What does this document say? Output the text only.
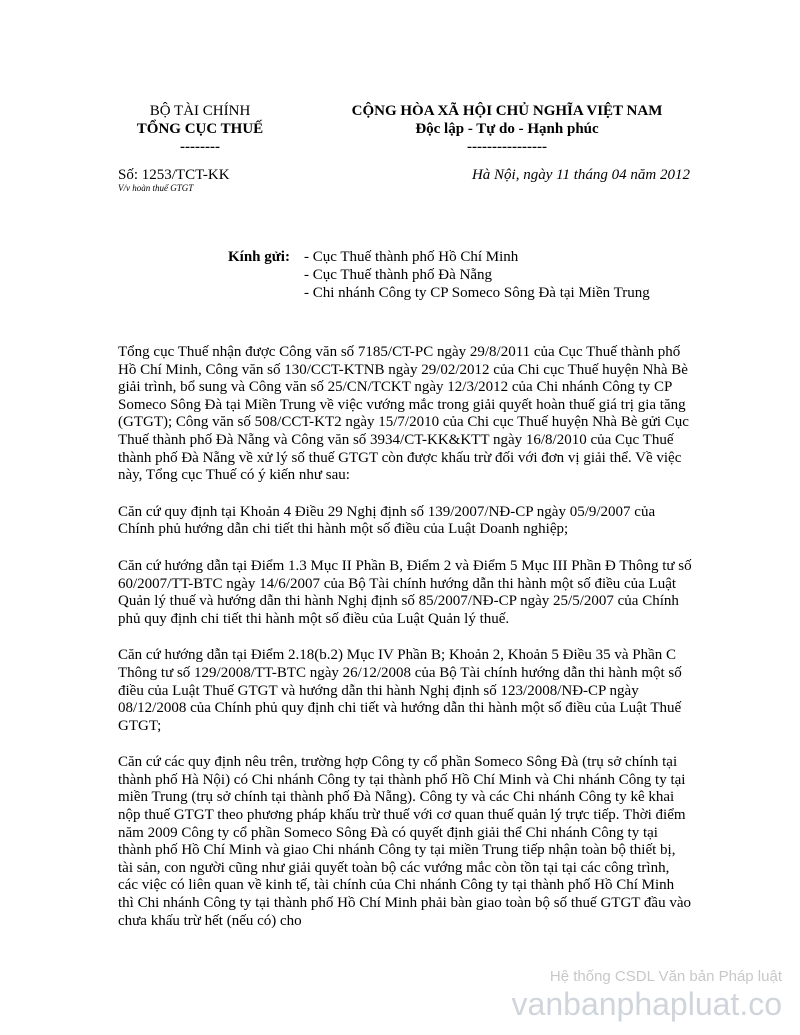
BỘ TÀI CHÍNH
TỔNG CỤC THUẾ
--------
CỘNG HÒA XÃ HỘI CHỦ NGHĨA VIỆT NAM
Độc lập - Tự do - Hạnh phúc
----------------
Số: 1253/TCT-KK
V/v hoàn thuế GTGT
Hà Nội, ngày 11 tháng 04 năm 2012
Kính gửi: - Cục Thuế thành phố Hồ Chí Minh
- Cục Thuế thành phố Đà Nẵng
- Chi nhánh Công ty CP Someco Sông Đà tại Miền Trung

Tổng cục Thuế nhận được Công văn số 7185/CT-PC ngày 29/8/2011 của Cục Thuế thành phố Hồ Chí Minh, Công văn số 130/CCT-KTNB ngày 29/02/2012 của Chi cục Thuế huyện Nhà Bè giải trình, bổ sung và Công văn số 25/CN/TCKT ngày 12/3/2012 của Chi nhánh Công ty CP Someco Sông Đà tại Miền Trung về việc vướng mắc trong giải quyết hoàn thuế giá trị gia tăng (GTGT); Công văn số 508/CCT-KT2 ngày 15/7/2010 của Chi cục Thuế huyện Nhà Bè gửi Cục Thuế thành phố Đà Nẵng và Công văn số 3934/CT-KK&KTT ngày 16/8/2010 của Cục Thuế thành phố Đà Nẵng về xử lý số thuế GTGT còn được khấu trừ đối với đơn vị giải thể. Về việc này, Tổng cục Thuế có ý kiến như sau:

Căn cứ quy định tại Khoản 4 Điều 29 Nghị định số 139/2007/NĐ-CP ngày 05/9/2007 của Chính phủ hướng dẫn chi tiết thi hành một số điều của Luật Doanh nghiệp;

Căn cứ hướng dẫn tại Điểm 1.3 Mục II Phần B, Điểm 2 và Điểm 5 Mục III Phần Đ Thông tư số 60/2007/TT-BTC ngày 14/6/2007 của Bộ Tài chính hướng dẫn thi hành một số điều của Luật Quản lý thuế và hướng dẫn thi hành Nghị định số 85/2007/NĐ-CP ngày 25/5/2007 của Chính phủ quy định chi tiết thi hành một số điều của Luật Quản lý thuế.

Căn cứ hướng dẫn tại Điểm 2.18(b.2) Mục IV Phần B; Khoản 2, Khoản 5 Điều 35 và Phần C Thông tư số 129/2008/TT-BTC ngày 26/12/2008 của Bộ Tài chính hướng dẫn thi hành một số điều của Luật Thuế GTGT và hướng dẫn thi hành Nghị định số 123/2008/NĐ-CP ngày 08/12/2008 của Chính phủ quy định chi tiết và hướng dẫn thi hành một số điều của Luật Thuế GTGT;

Căn cứ các quy định nêu trên, trường hợp Công ty cổ phần Someco Sông Đà (trụ sở chính tại thành phố Hà Nội) có Chi nhánh Công ty tại thành phố Hồ Chí Minh và Chi nhánh Công ty tại miền Trung (trụ sở chính tại thành phố Đà Nẵng). Công ty và các Chi nhánh Công ty kê khai nộp thuế GTGT theo phương pháp khấu trừ thuế với cơ quan thuế quản lý trực tiếp. Thời điểm năm 2009 Công ty cổ phần Someco Sông Đà có quyết định giải thể Chi nhánh Công ty tại thành phố Hồ Chí Minh và giao Chi nhánh Công ty tại miền Trung tiếp nhận toàn bộ thiết bị, tài sản, con người cũng như giải quyết toàn bộ các vướng mắc còn tồn tại tại các công trình, các việc có liên quan về kinh tế, tài chính của Chi nhánh Công ty tại thành phố Hồ Chí Minh thì Chi nhánh Công ty tại thành phố Hồ Chí Minh phải bàn giao toàn bộ số thuế GTGT đầu vào chưa khấu trừ hết (nếu có) cho

Hệ thống CSDL Văn bản Pháp luật
vanbanphapluat.co
